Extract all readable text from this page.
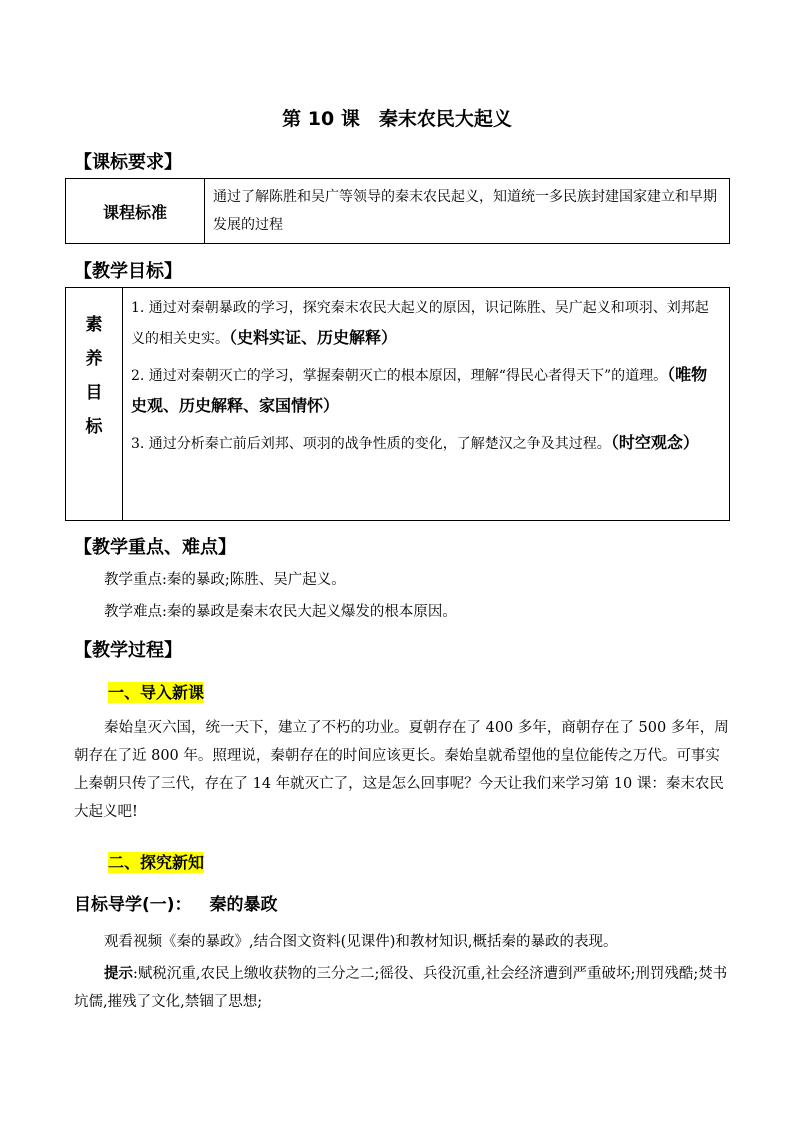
第 10 课　秦末农民大起义
【课标要求】
课程标准	通过了解陈胜和吴广等领导的秦末农民起义，知道统一多民族封建国家建立和早期发展的过程
【教学目标】
素
养
目
标

1. 通过对秦朝暴政的学习，探究秦末农民大起义的原因，识记陈胜、吴广起义和项羽、刘邦起义的相关史实。（史料实证、历史解释）

2. 通过对秦朝灭亡的学习，掌握秦朝灭亡的根本原因，理解“得民心者得天下”的道理。（唯物史观、历史解释、家国情怀）

3. 通过分析秦亡前后刘邦、项羽的战争性质的变化，了解楚汉之争及其过程。（时空观念）

【教学重点、难点】
教学重点:秦的暴政;陈胜、吴广起义。
教学难点:秦的暴政是秦末农民大起义爆发的根本原因。
【教学过程】
一、导入新课
秦始皇灭六国，统一天下，建立了不朽的功业。夏朝存在了 400 多年，商朝存在了 500 多年，周朝存在了近 800 年。照理说，秦朝存在的时间应该更长。秦始皇就希望他的皇位能传之万代。可事实上秦朝只传了三代，存在了 14 年就灭亡了，这是怎么回事呢？今天让我们来学习第 10 课：秦末农民大起义吧!
二、探究新知
目标导学(一)： 秦的暴政
观看视频《秦的暴政》,结合图文资料(见课件)和教材知识,概括秦的暴政的表现。
提示:赋税沉重,农民上缴收获物的三分之二;徭役、兵役沉重,社会经济遭到严重破坏;刑罚残酷;焚书坑儒,摧残了文化,禁锢了思想;
